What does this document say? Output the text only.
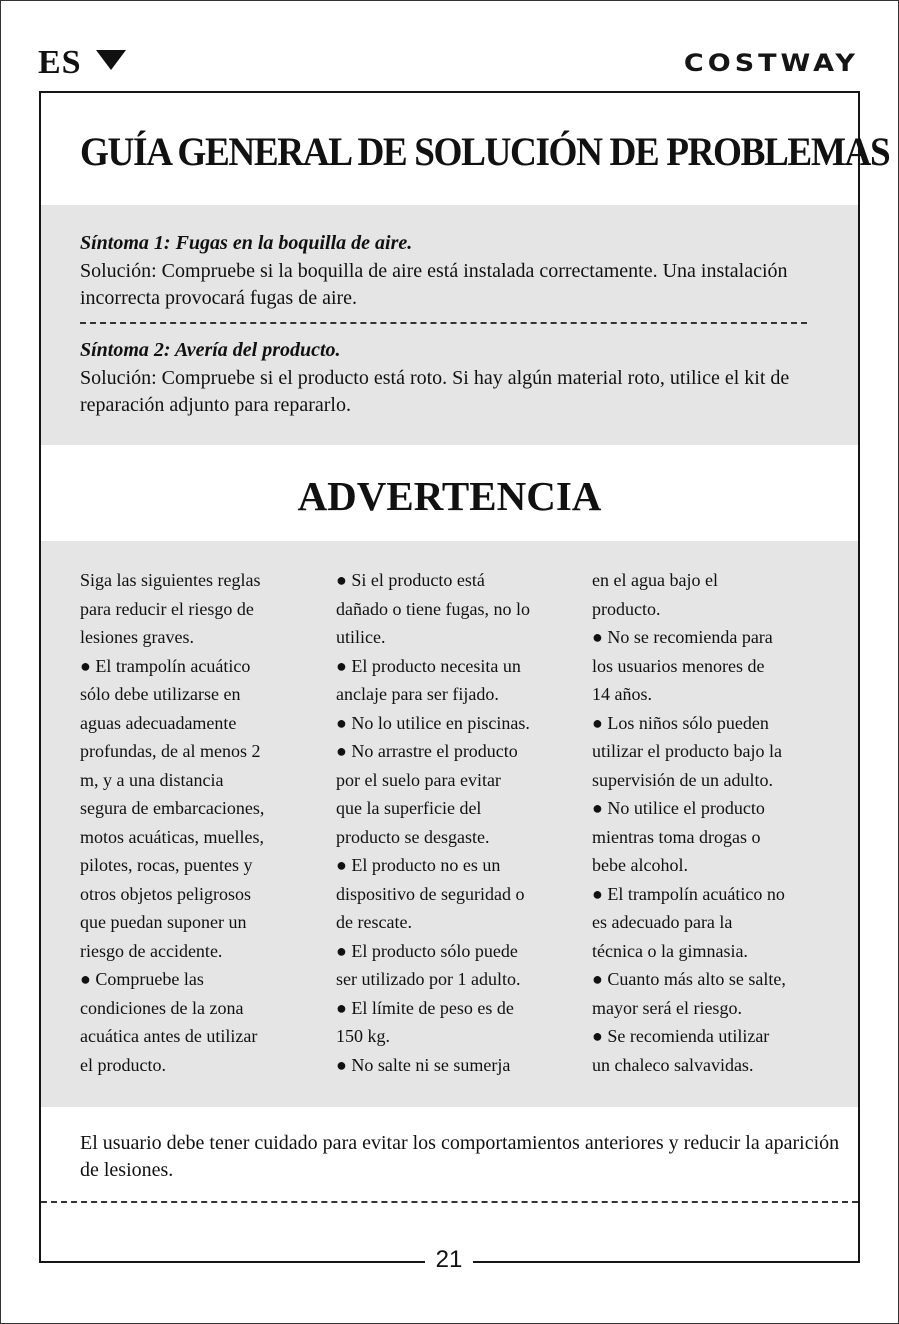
ES	COSTWAY
GUÍA GENERAL DE SOLUCIÓN DE PROBLEMAS
Síntoma 1: Fugas en la boquilla de aire.
Solución: Compruebe si la boquilla de aire está instalada correctamente. Una instalación incorrecta provocará fugas de aire.
Síntoma 2: Avería del producto.
Solución: Compruebe si el producto está roto. Si hay algún material roto, utilice el kit de reparación adjunto para repararlo.
ADVERTENCIA
Siga las siguientes reglas
para reducir el riesgo de
lesiones graves.
● El trampolín acuático
sólo debe utilizarse en
aguas adecuadamente
profundas, de al menos 2
m, y a una distancia
segura de embarcaciones,
motos acuáticas, muelles,
pilotes, rocas, puentes y
otros objetos peligrosos
que puedan suponer un
riesgo de accidente.
● Compruebe las
condiciones de la zona
acuática antes de utilizar
el producto.
● Si el producto está
dañado o tiene fugas, no lo
utilice.
● El producto necesita un
anclaje para ser fijado.
● No lo utilice en piscinas.
● No arrastre el producto
por el suelo para evitar
que la superficie del
producto se desgaste.
● El producto no es un
dispositivo de seguridad o
de rescate.
● El producto sólo puede
ser utilizado por 1 adulto.
● El límite de peso es de
150 kg.
● No salte ni se sumerja
en el agua bajo el
producto.
● No se recomienda para
los usuarios menores de
14 años.
● Los niños sólo pueden
utilizar el producto bajo la
supervisión de un adulto.
● No utilice el producto
mientras toma drogas o
bebe alcohol.
● El trampolín acuático no
es adecuado para la
técnica o la gimnasia.
● Cuanto más alto se salte,
mayor será el riesgo.
● Se recomienda utilizar
un chaleco salvavidas.
El usuario debe tener cuidado para evitar los comportamientos anteriores y reducir la aparición de lesiones.
21
